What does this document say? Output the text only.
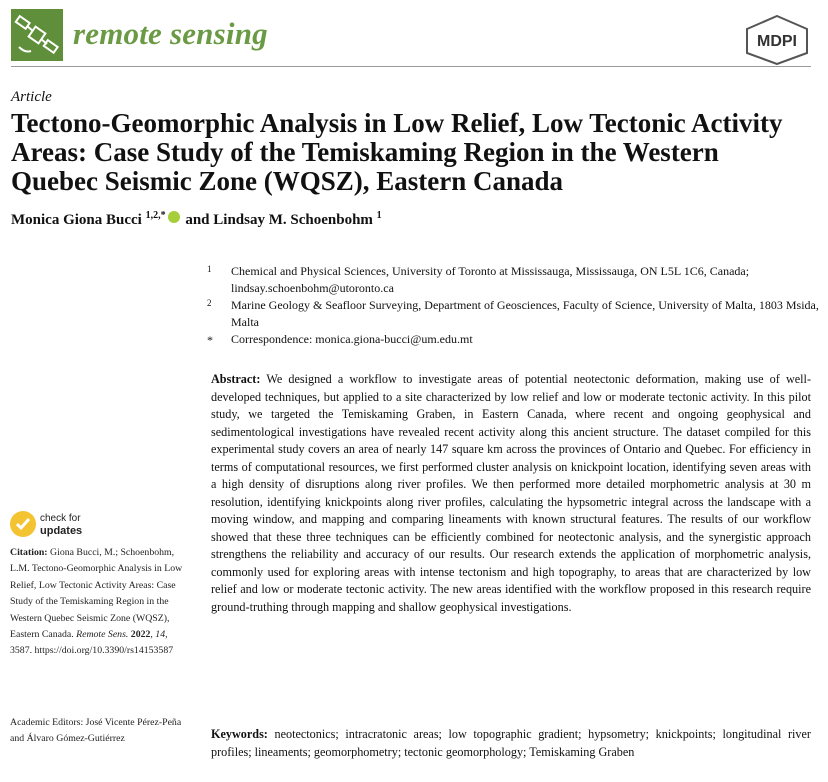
remote sensing	MDPI
Article
Tectono-Geomorphic Analysis in Low Relief, Low Tectonic Activity Areas: Case Study of the Temiskaming Region in the Western Quebec Seismic Zone (WQSZ), Eastern Canada
Monica Giona Bucci $^{1,2,*}$ and Lindsay M. Schoenbohm $^1$
1 Chemical and Physical Sciences, University of Toronto at Mississauga, Mississauga, ON L5L 1C6, Canada; lindsay.schoenbohm@utoronto.ca
2 Marine Geology & Seafloor Surveying, Department of Geosciences, Faculty of Science, University of Malta, 1803 Msida, Malta
* Correspondence: monica.giona-bucci@um.edu.mt
Abstract: We designed a workflow to investigate areas of potential neotectonic deformation, making use of well-developed techniques, but applied to a site characterized by low relief and low or moderate tectonic activity. In this pilot study, we targeted the Temiskaming Graben, in Eastern Canada, where recent and ongoing geophysical and sedimentological investigations have revealed recent activity along this ancient structure. The dataset compiled for this experimental study covers an area of nearly 147 square km across the provinces of Ontario and Quebec. For efficiency in terms of computational resources, we first performed cluster analysis on knickpoint location, identifying seven areas with a high density of disruptions along river profiles. We then performed more detailed morphometric analysis at 30 m resolution, identifying knickpoints along river profiles, calculating the hypsometric integral across the landscape with a moving window, and mapping and comparing lineaments with known structural features. The results of our workflow showed that these three techniques can be efficiently combined for neotectonic analysis, and the synergistic approach strengthens the reliability and accuracy of our results. Our research extends the application of morphometric analysis, commonly used for exploring areas with intense tectonism and high topography, to areas that are characterized by low relief and low or moderate tectonic activity. The new areas identified with the workflow proposed in this research require ground-truthing through mapping and shallow geophysical investigations.
Keywords: neotectonics; intracratonic areas; low topographic gradient; hypsometry; knickpoints; longitudinal river profiles; lineaments; geomorphometry; tectonic geomorphology; Temiskaming Graben
check for
updates
Citation: Giona Bucci, M.; Schoenbohm, L.M. Tectono-Geomorphic Analysis in Low Relief, Low Tectonic Activity Areas: Case Study of the Temiskaming Region in the Western Quebec Seismic Zone (WQSZ), Eastern Canada. Remote Sens. 2022, 14, 3587. https://doi.org/10.3390/rs14153587
Academic Editors: José Vicente Pérez-Peña and Álvaro Gómez-Gutiérrez
